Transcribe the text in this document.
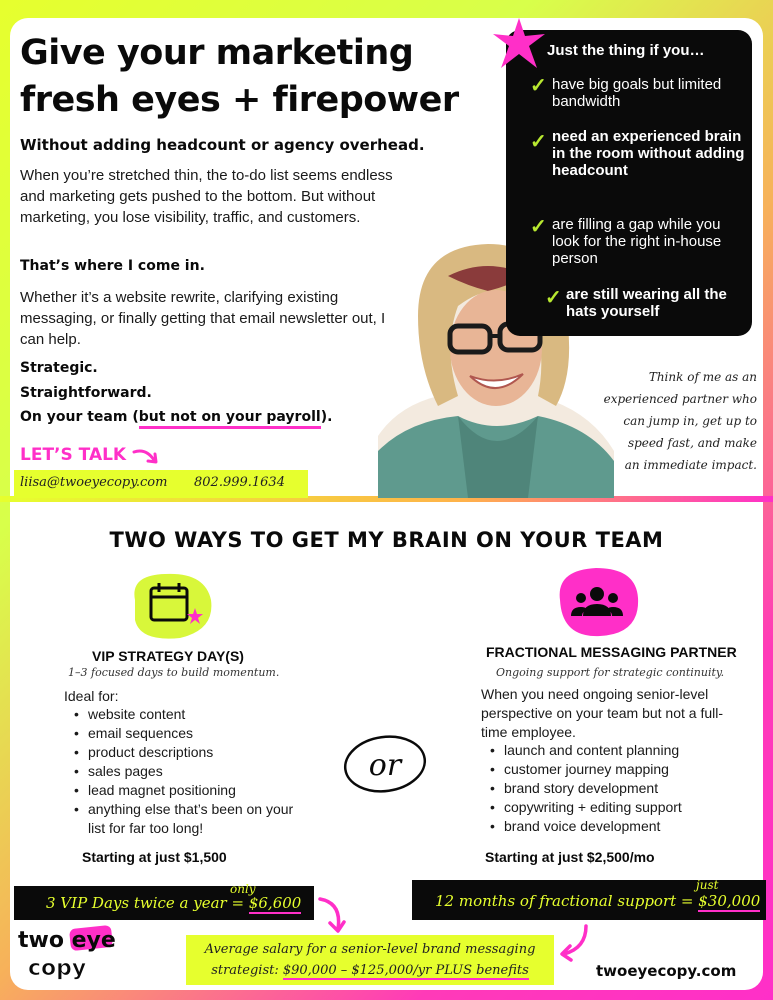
Give your marketing
fresh eyes + firepower
Without adding headcount or agency overhead.
When you’re stretched thin, the to-do list seems endless and marketing gets pushed to the bottom. But without marketing, you lose visibility, traffic, and customers.
That’s where I come in.
Whether it’s a website rewrite, clarifying existing messaging, or finally getting that email newsletter out, I can help.
Strategic.
Straightforward.
On your team (but not on your payroll).
LET’S TALK
liisa@twoeyecopy.com 802.999.1634
Just the thing if you…
✓ have big goals but limited bandwidth
✓ need an experienced brain in the room without adding headcount
✓ are filling a gap while you look for the right in-house person
✓ are still wearing all the hats yourself
Think of me as an
experienced partner who
can jump in, get up to
speed fast, and make
an immediate impact.
TWO WAYS TO GET MY BRAIN ON YOUR TEAM
VIP STRATEGY DAY(S)
1–3 focused days to build momentum.
Ideal for:
• website content
• email sequences
• product descriptions
• sales pages
• lead magnet positioning
• anything else that’s been on your list for far too long!
Starting at just $1,500
or
FRACTIONAL MESSAGING PARTNER
Ongoing support for strategic continuity.
When you need ongoing senior-level perspective on your team but not a full-time employee.
• launch and content planning
• customer journey mapping
• brand story development
• copywriting + editing support
• brand voice development
Starting at just $2,500/mo
3 VIP Days twice a year = $6,600
only
12 months of fractional support = $30,000
just
Average salary for a senior-level brand messaging
strategist: $90,000 – $125,000/yr PLUS benefits
two eye
copy	twoeyecopy.com
